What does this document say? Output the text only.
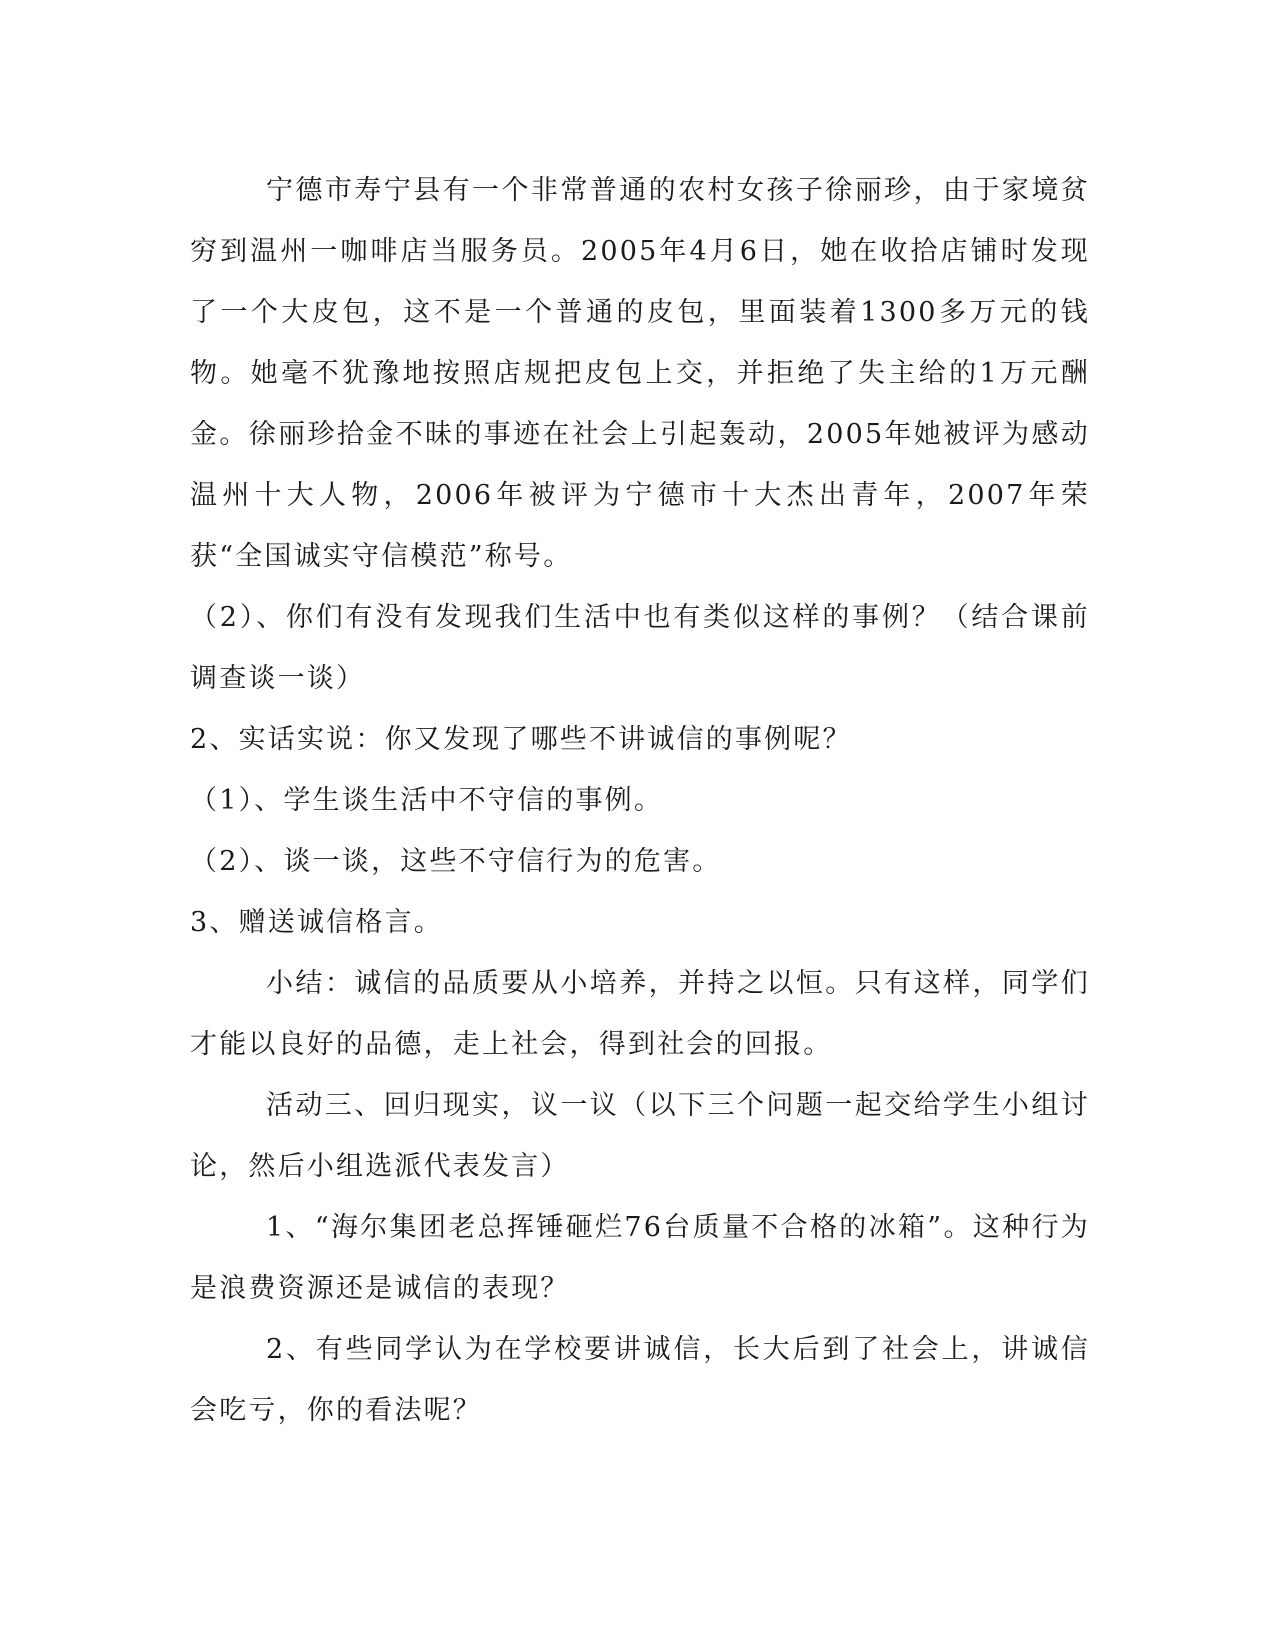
宁德市寿宁县有一个非常普通的农村女孩子徐丽珍，由于家境贫穷到温州一咖啡店当服务员。2005年4月6日，她在收拾店铺时发现了一个大皮包，这不是一个普通的皮包，里面装着1300多万元的钱物。她毫不犹豫地按照店规把皮包上交，并拒绝了失主给的1万元酬金。徐丽珍拾金不昧的事迹在社会上引起轰动，2005年她被评为感动温州十大人物，2006年被评为宁德市十大杰出青年，2007年荣获“全国诚实守信模范”称号。

（2）、你们有没有发现我们生活中也有类似这样的事例？（结合课前调查谈一谈）

2、实话实说：你又发现了哪些不讲诚信的事例呢？

（1）、学生谈生活中不守信的事例。

（2）、谈一谈，这些不守信行为的危害。

3、赠送诚信格言。

小结：诚信的品质要从小培养，并持之以恒。只有这样，同学们才能以良好的品德，走上社会，得到社会的回报。

活动三、回归现实，议一议（以下三个问题一起交给学生小组讨论，然后小组选派代表发言）

1、“海尔集团老总挥锤砸烂76台质量不合格的冰箱”。这种行为是浪费资源还是诚信的表现？

2、有些同学认为在学校要讲诚信，长大后到了社会上，讲诚信会吃亏，你的看法呢？
